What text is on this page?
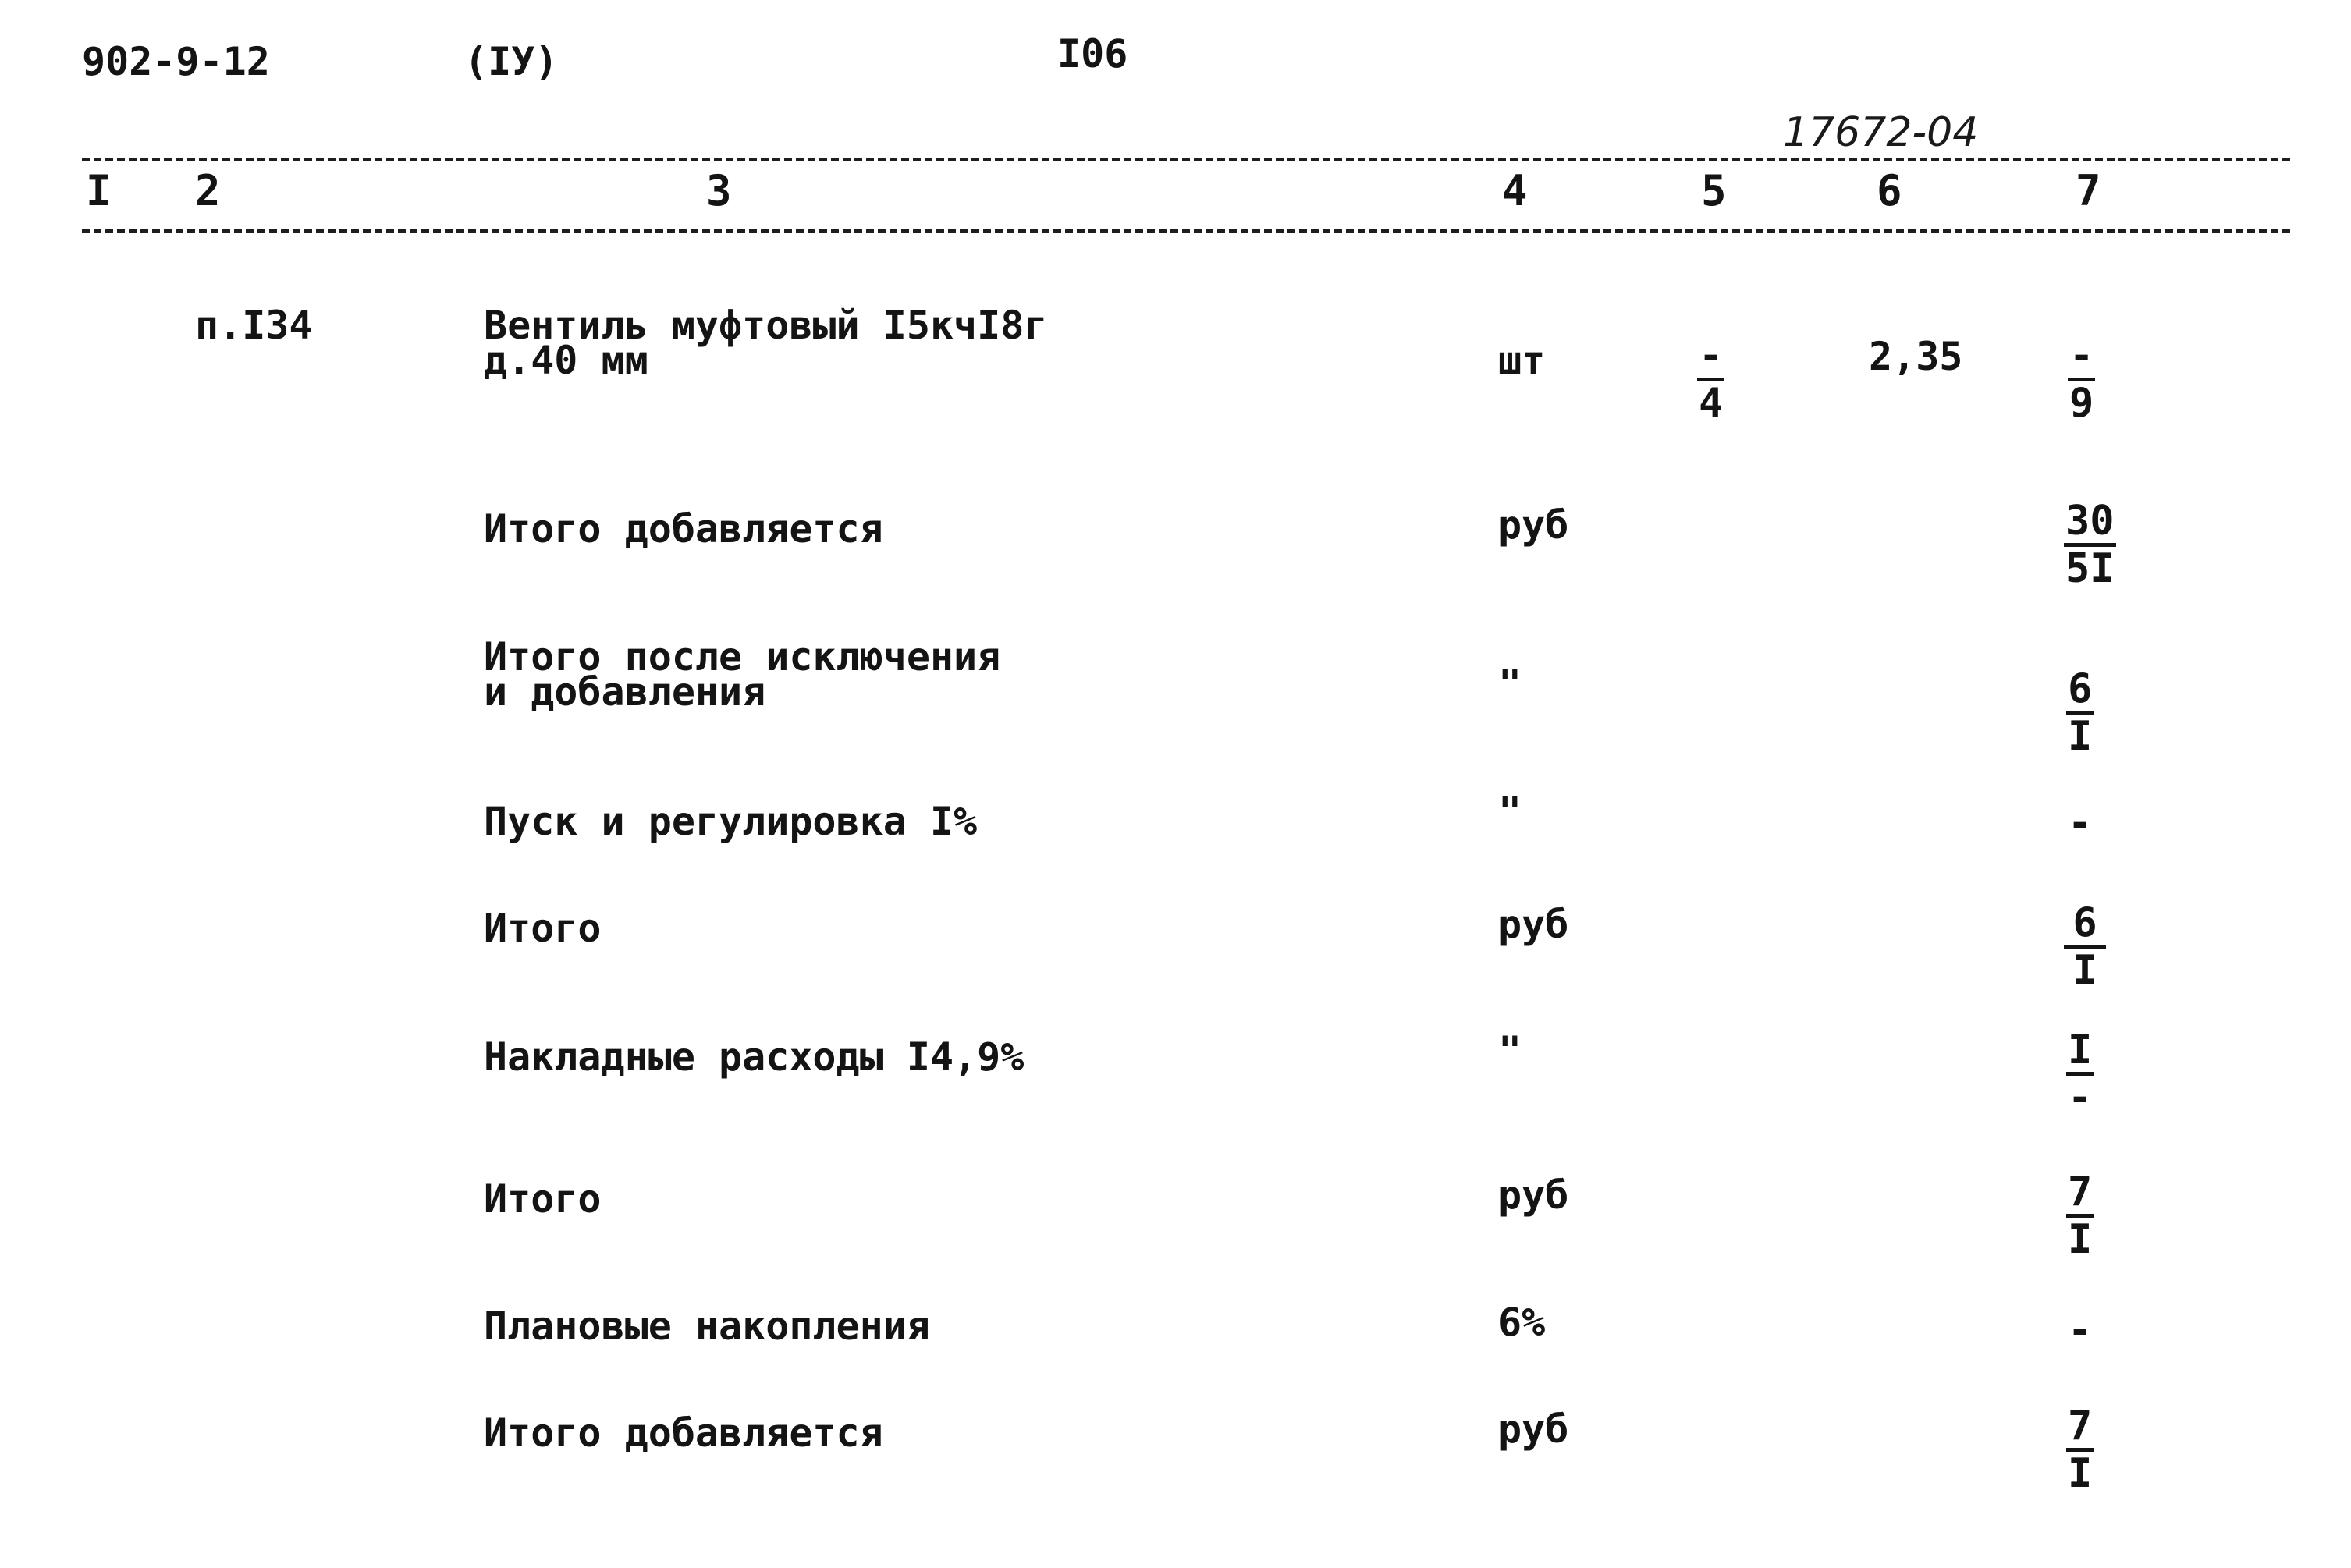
902-9-12	(IУ)	I06
17672-04
I 2	3	4	5	6	7
п.I34	Вентиль муфтовый I5кчI8г
д.40 мм	шт	-
4
2,35	-
9
Итого добавляется	руб	$\frac{30}{5I}$
Итого после исключения
и добавления	"	$\frac{6}{I}$
Пуск и регулировка I%	"	-
Итого	руб	$\frac{6}{I}$
Накладные расходы I4,9%	"	I
-
Итого	руб	$\frac{7}{I}$
Плановые накопления	6%	-
Итого добавляется	руб	$\frac{7}{I}$
